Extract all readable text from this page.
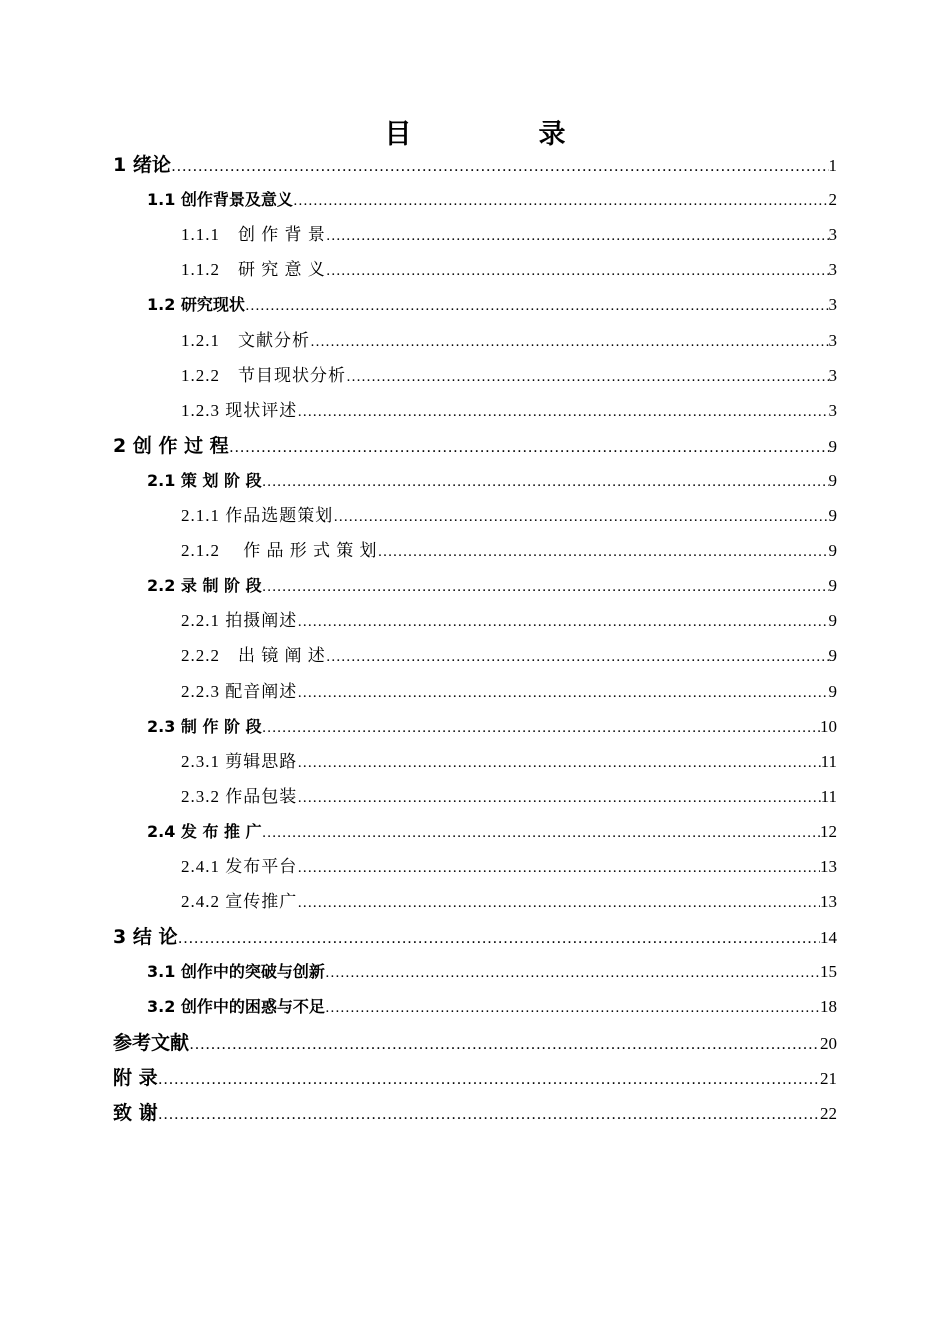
目　录
1 绪论 …………………………………………………………………………………………………………………………………………………………………………………………………………………………………………………………………………………………	1
1.1 创作背景及意义 …………………………………………………………………………………………………………………………………………………………………………………………………………………………………………………………………………………………	2
1.1.1　创 作 背 景 …………………………………………………………………………………………………………………………………………………………………………………………………………………………………………………………………………………………	3
1.1.2　研 究 意 义 …………………………………………………………………………………………………………………………………………………………………………………………………………………………………………………………………………………………	3
1.2 研究现状 …………………………………………………………………………………………………………………………………………………………………………………………………………………………………………………………………………………………	3
1.2.1　文献分析 …………………………………………………………………………………………………………………………………………………………………………………………………………………………………………………………………………………………	3
1.2.2　节目现状分析 …………………………………………………………………………………………………………………………………………………………………………………………………………………………………………………………………………………………	3
1.2.3 现状评述 …………………………………………………………………………………………………………………………………………………………………………………………………………………………………………………………………………………………	3
2 创 作 过 程 …………………………………………………………………………………………………………………………………………………………………………………………………………………………………………………………………………………………	9
2.1 策 划 阶 段 …………………………………………………………………………………………………………………………………………………………………………………………………………………………………………………………………………………………	9
2.1.1 作品选题策划 …………………………………………………………………………………………………………………………………………………………………………………………………………………………………………………………………………………………	9
2.1.2　 作 品 形 式 策 划 …………………………………………………………………………………………………………………………………………………………………………………………………………………………………………………………………………………………	9
2.2 录 制 阶 段 …………………………………………………………………………………………………………………………………………………………………………………………………………………………………………………………………………………………	9
2.2.1 拍摄阐述 …………………………………………………………………………………………………………………………………………………………………………………………………………………………………………………………………………………………	9
2.2.2　出 镜 阐 述 …………………………………………………………………………………………………………………………………………………………………………………………………………………………………………………………………………………………	9
2.2.3 配音阐述 …………………………………………………………………………………………………………………………………………………………………………………………………………………………………………………………………………………………	9
2.3 制 作 阶 段 …………………………………………………………………………………………………………………………………………………………………………………………………………………………………………………………………………………………	10
2.3.1 剪辑思路 …………………………………………………………………………………………………………………………………………………………………………………………………………………………………………………………………………………………	11
2.3.2 作品包装 …………………………………………………………………………………………………………………………………………………………………………………………………………………………………………………………………………………………	11
2.4 发 布 推 广 …………………………………………………………………………………………………………………………………………………………………………………………………………………………………………………………………………………………	12
2.4.1 发布平台 …………………………………………………………………………………………………………………………………………………………………………………………………………………………………………………………………………………………	13
2.4.2 宣传推广 …………………………………………………………………………………………………………………………………………………………………………………………………………………………………………………………………………………………	13
3 结 论 …………………………………………………………………………………………………………………………………………………………………………………………………………………………………………………………………………………………	14
3.1 创作中的突破与创新 …………………………………………………………………………………………………………………………………………………………………………………………………………………………………………………………………………………………	15
3.2 创作中的困惑与不足 …………………………………………………………………………………………………………………………………………………………………………………………………………………………………………………………………………………………	18
参考文献 …………………………………………………………………………………………………………………………………………………………………………………………………………………………………………………………………………………………	20
附 录 …………………………………………………………………………………………………………………………………………………………………………………………………………………………………………………………………………………………	21
致 谢 …………………………………………………………………………………………………………………………………………………………………………………………………………………………………………………………………………………………	22
